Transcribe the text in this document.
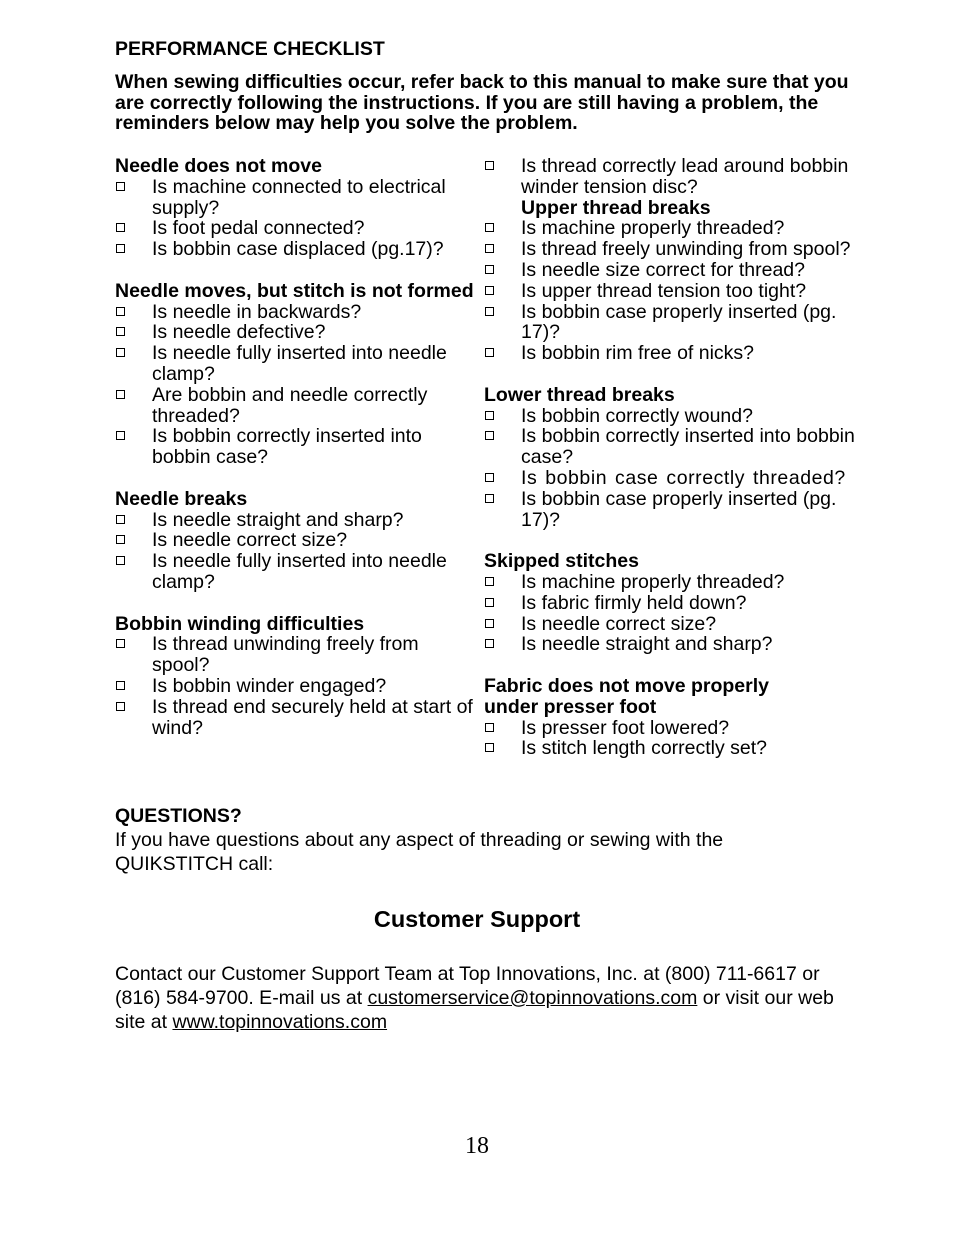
PERFORMANCE CHECKLIST
When sewing difficulties occur, refer back to this manual to make sure that you are correctly following the instructions. If you are still having a problem, the reminders below may help you solve the problem.
Needle does not move
Is machine connected to electrical supply?
Is foot pedal connected?
Is bobbin case displaced (pg.17)?
Needle moves, but stitch is not formed
Is needle in backwards?
Is needle defective?
Is needle fully inserted into needle clamp?
Are bobbin and needle correctly threaded?
Is bobbin correctly inserted into bobbin case?
Needle breaks
Is needle straight and sharp?
Is needle correct size?
Is needle fully inserted into needle clamp?
Bobbin winding difficulties
Is thread unwinding freely from spool?
Is bobbin winder engaged?
Is thread end securely held at start of wind?
Is thread correctly lead around bobbin winder tension disc?
Upper thread breaks
Is machine properly threaded?
Is thread freely unwinding from spool?
Is needle size correct for thread?
Is upper thread tension too tight?
Is bobbin case properly inserted (pg. 17)?
Is bobbin rim free of nicks?
Lower thread breaks
Is bobbin correctly wound?
Is bobbin correctly inserted into bobbin case?
Is bobbin case correctly threaded?
Is bobbin case properly inserted (pg. 17)?
Skipped stitches
Is machine properly threaded?
Is fabric firmly held down?
Is needle correct size?
Is needle straight and sharp?
Fabric does not move properly under presser foot
Is presser foot lowered?
Is stitch length correctly set?
QUESTIONS?
If you have questions about any aspect of threading or sewing with the QUIKSTITCH call:
Customer Support
Contact our Customer Support Team at Top Innovations, Inc. at (800) 711-6617 or (816) 584-9700. E-mail us at customerservice@topinnovations.com or visit our web site at www.topinnovations.com
18
